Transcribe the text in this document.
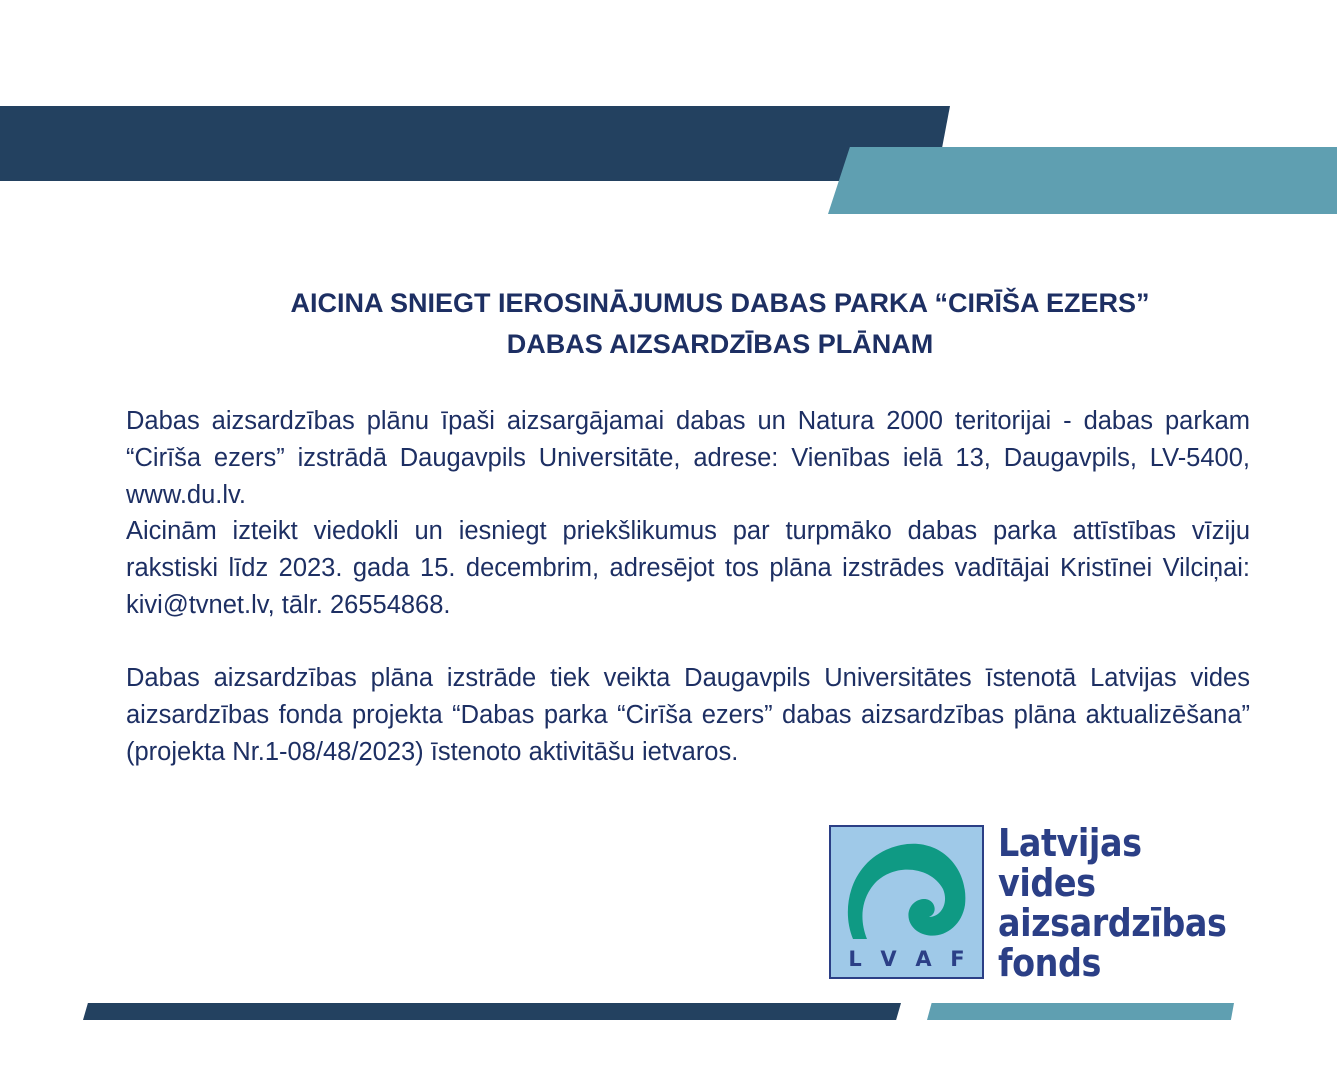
AICINA SNIEGT IEROSINĀJUMUS DABAS PARKA “CIRĪŠA EZERS”
DABAS AIZSARDZĪBAS PLĀNAM

Dabas aizsardzības plānu īpaši aizsargājamai dabas un Natura 2000 teritorijai - dabas parkam “Cirīša ezers” izstrādā Daugavpils Universitāte, adrese: Vienības ielā 13, Daugavpils, LV-5400, www.du.lv.

Aicinām izteikt viedokli un iesniegt priekšlikumus par turpmāko dabas parka attīstības vīziju rakstiski līdz 2023. gada 15. decembrim, adresējot tos plāna izstrādes vadītājai Kristīnei Vilciņai: kivi@tvnet.lv, tālr. 26554868.

Dabas aizsardzības plāna izstrāde tiek veikta Daugavpils Universitātes īstenotā Latvijas vides aizsardzības fonda projekta “Dabas parka “Cirīša ezers” dabas aizsardzības plāna aktualizēšana” (projekta Nr.1-08/48/2023) īstenoto aktivitāšu ietvaros.

L V A F
Latvijas
vides
aizsardzības
fonds
